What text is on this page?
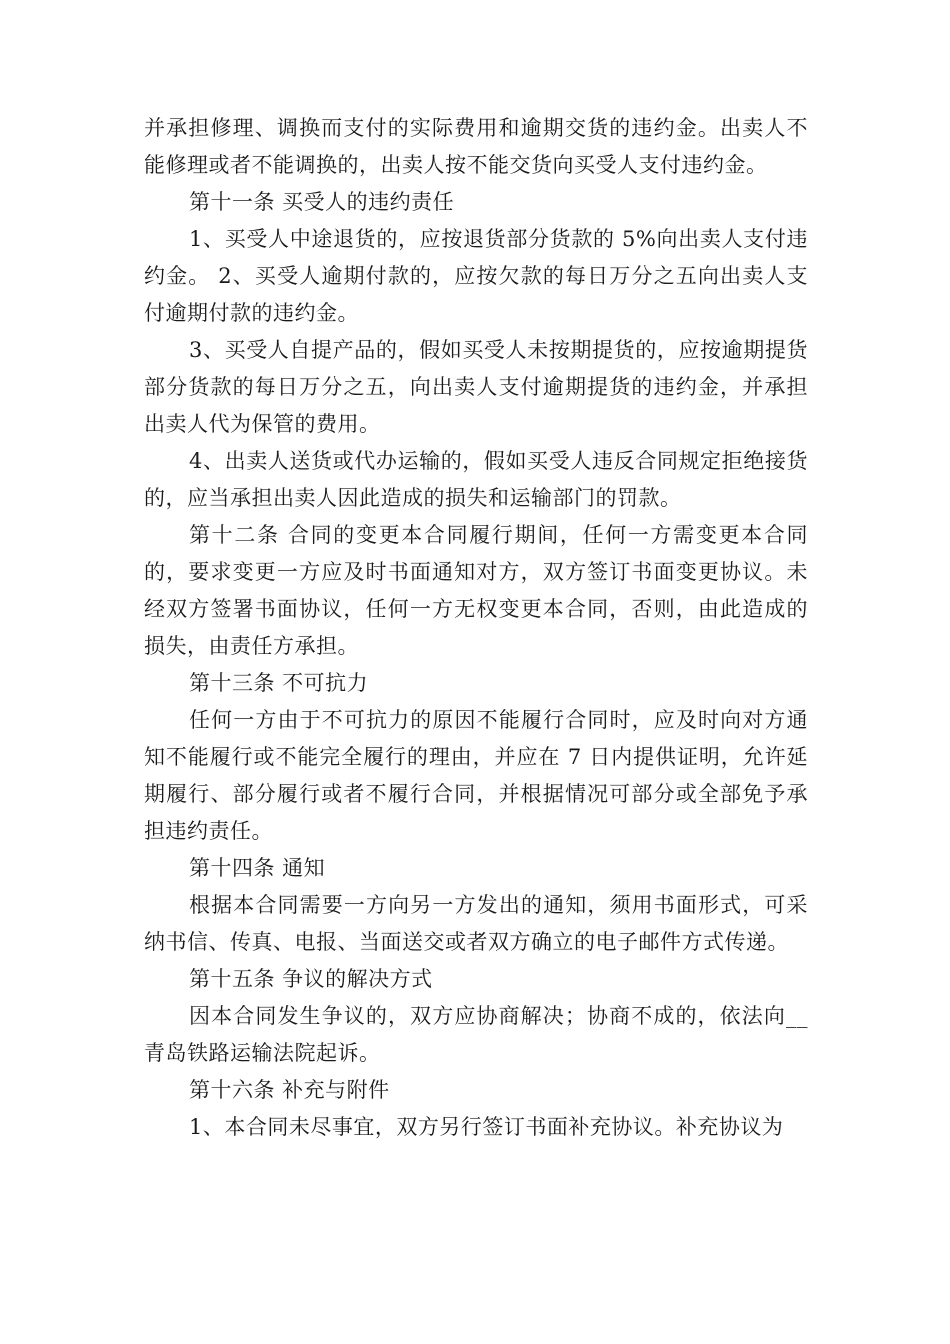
并承担修理、调换而支付的实际费用和逾期交货的违约金。出卖人不能修理或者不能调换的，出卖人按不能交货向买受人支付违约金。

第十一条 买受人的违约责任

1、买受人中途退货的，应按退货部分货款的 5%向出卖人支付违约金。 2、买受人逾期付款的，应按欠款的每日万分之五向出卖人支付逾期付款的违约金。

3、买受人自提产品的，假如买受人未按期提货的，应按逾期提货部分货款的每日万分之五，向出卖人支付逾期提货的违约金，并承担出卖人代为保管的费用。

4、出卖人送货或代办运输的，假如买受人违反合同规定拒绝接货的，应当承担出卖人因此造成的损失和运输部门的罚款。

第十二条 合同的变更本合同履行期间，任何一方需变更本合同的，要求变更一方应及时书面通知对方，双方签订书面变更协议。未经双方签署书面协议，任何一方无权变更本合同，否则，由此造成的损失，由责任方承担。

第十三条 不可抗力

任何一方由于不可抗力的原因不能履行合同时，应及时向对方通知不能履行或不能完全履行的理由，并应在 7 日内提供证明，允许延期履行、部分履行或者不履行合同，并根据情况可部分或全部免予承担违约责任。

第十四条 通知

根据本合同需要一方向另一方发出的通知，须用书面形式，可采纳书信、传真、电报、当面送交或者双方确立的电子邮件方式传递。

第十五条 争议的解决方式

因本合同发生争议的，双方应协商解决；协商不成的，依法向__青岛铁路运输法院起诉。

第十六条 补充与附件

1、本合同未尽事宜，双方另行签订书面补充协议。补充协议为
